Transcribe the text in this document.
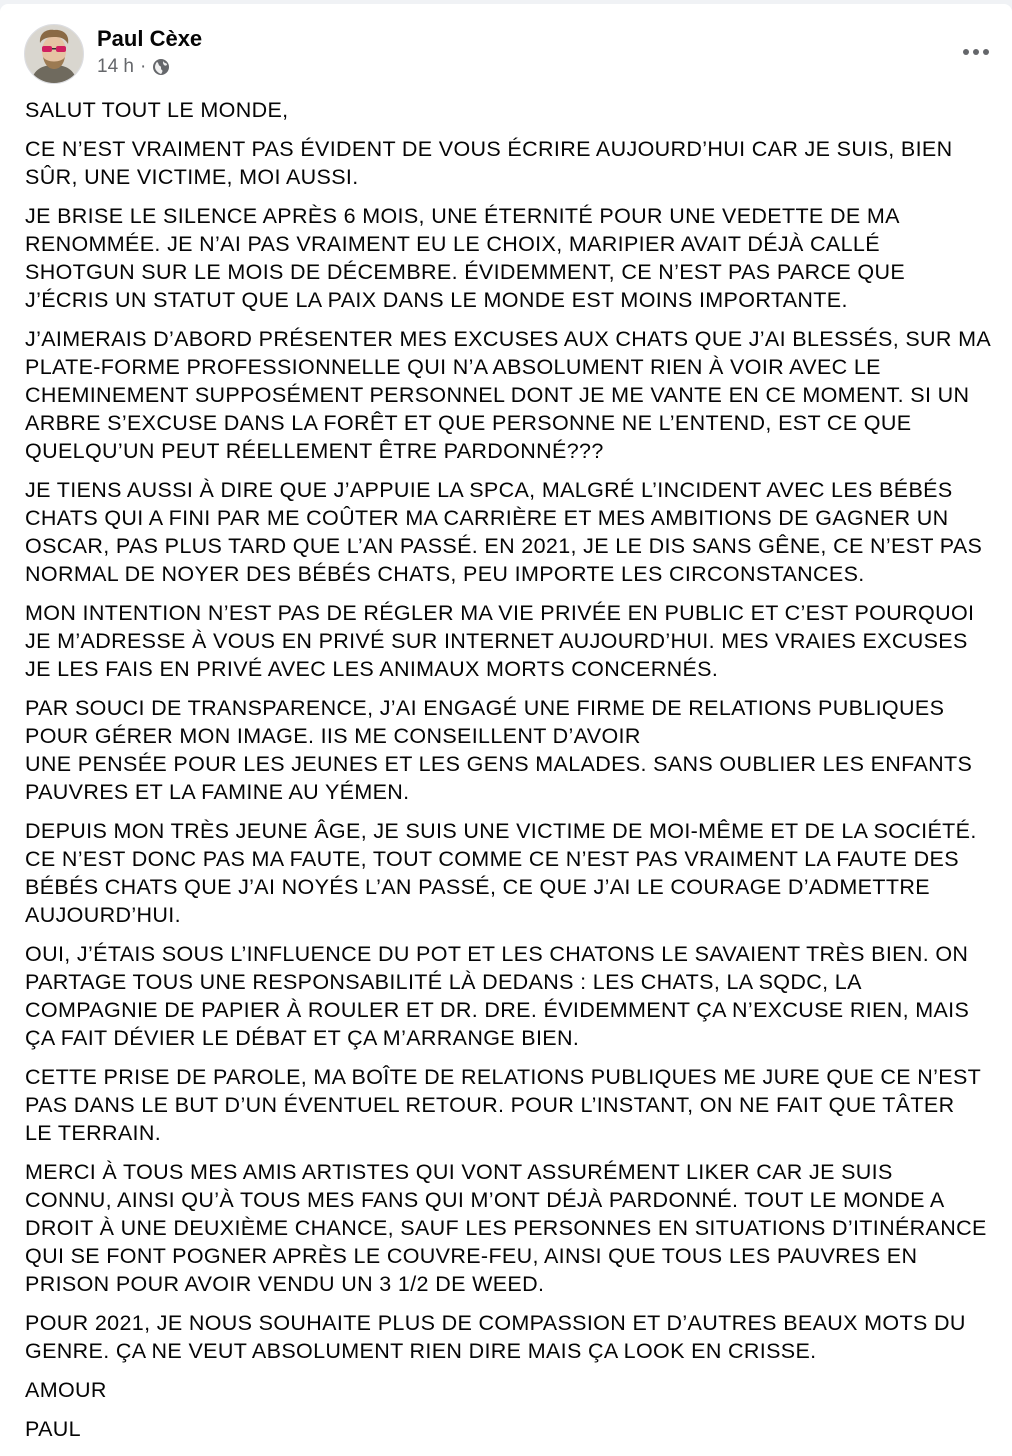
Paul Cèxe
14 h ·

SALUT TOUT LE MONDE,

CE N’EST VRAIMENT PAS ÉVIDENT DE VOUS ÉCRIRE AUJOURD’HUI CAR JE SUIS, BIEN
SÛR, UNE VICTIME, MOI AUSSI.

JE BRISE LE SILENCE APRÈS 6 MOIS, UNE ÉTERNITÉ POUR UNE VEDETTE DE MA
RENOMMÉE. JE N’AI PAS VRAIMENT EU LE CHOIX, MARIPIER AVAIT DÉJÀ CALLÉ
SHOTGUN SUR LE MOIS DE DÉCEMBRE. ÉVIDEMMENT, CE N’EST PAS PARCE QUE
J’ÉCRIS UN STATUT QUE LA PAIX DANS LE MONDE EST MOINS IMPORTANTE.

J’AIMERAIS D’ABORD PRÉSENTER MES EXCUSES AUX CHATS QUE J’AI BLESSÉS, SUR MA
PLATE-FORME PROFESSIONNELLE QUI N’A ABSOLUMENT RIEN À VOIR AVEC LE
CHEMINEMENT SUPPOSÉMENT PERSONNEL DONT JE ME VANTE EN CE MOMENT. SI UN
ARBRE S’EXCUSE DANS LA FORÊT ET QUE PERSONNE NE L’ENTEND, EST CE QUE
QUELQU’UN PEUT RÉELLEMENT ÊTRE PARDONNÉ???

JE TIENS AUSSI À DIRE QUE J’APPUIE LA SPCA, MALGRÉ L’INCIDENT AVEC LES BÉBÉS
CHATS QUI A FINI PAR ME COÛTER MA CARRIÈRE ET MES AMBITIONS DE GAGNER UN
OSCAR, PAS PLUS TARD QUE L’AN PASSÉ. EN 2021, JE LE DIS SANS GÊNE, CE N’EST PAS
NORMAL DE NOYER DES BÉBÉS CHATS, PEU IMPORTE LES CIRCONSTANCES.

MON INTENTION N’EST PAS DE RÉGLER MA VIE PRIVÉE EN PUBLIC ET C’EST POURQUOI
JE M’ADRESSE À VOUS EN PRIVÉ SUR INTERNET AUJOURD’HUI. MES VRAIES EXCUSES
JE LES FAIS EN PRIVÉ AVEC LES ANIMAUX MORTS CONCERNÉS.

PAR SOUCI DE TRANSPARENCE, J’AI ENGAGÉ UNE FIRME DE RELATIONS PUBLIQUES
POUR GÉRER MON IMAGE. IIS ME CONSEILLENT D’AVOIR
UNE PENSÉE POUR LES JEUNES ET LES GENS MALADES. SANS OUBLIER LES ENFANTS
PAUVRES ET LA FAMINE AU YÉMEN.

DEPUIS MON TRÈS JEUNE ÂGE, JE SUIS UNE VICTIME DE MOI-MÊME ET DE LA SOCIÉTÉ.
CE N’EST DONC PAS MA FAUTE, TOUT COMME CE N’EST PAS VRAIMENT LA FAUTE DES
BÉBÉS CHATS QUE J’AI NOYÉS L’AN PASSÉ, CE QUE J’AI LE COURAGE D’ADMETTRE
AUJOURD’HUI.

OUI, J’ÉTAIS SOUS L’INFLUENCE DU POT ET LES CHATONS LE SAVAIENT TRÈS BIEN. ON
PARTAGE TOUS UNE RESPONSABILITÉ LÀ DEDANS : LES CHATS, LA SQDC, LA
COMPAGNIE DE PAPIER À ROULER ET DR. DRE. ÉVIDEMMENT ÇA N’EXCUSE RIEN, MAIS
ÇA FAIT DÉVIER LE DÉBAT ET ÇA M’ARRANGE BIEN.

CETTE PRISE DE PAROLE, MA BOÎTE DE RELATIONS PUBLIQUES ME JURE QUE CE N’EST
PAS DANS LE BUT D’UN ÉVENTUEL RETOUR. POUR L’INSTANT, ON NE FAIT QUE TÂTER
LE TERRAIN.

MERCI À TOUS MES AMIS ARTISTES QUI VONT ASSURÉMENT LIKER CAR JE SUIS
CONNU, AINSI QU’À TOUS MES FANS QUI M’ONT DÉJÀ PARDONNÉ. TOUT LE MONDE A
DROIT À UNE DEUXIÈME CHANCE, SAUF LES PERSONNES EN SITUATIONS D’ITINÉRANCE
QUI SE FONT POGNER APRÈS LE COUVRE-FEU, AINSI QUE TOUS LES PAUVRES EN
PRISON POUR AVOIR VENDU UN 3 1/2 DE WEED.

POUR 2021, JE NOUS SOUHAITE PLUS DE COMPASSION ET D’AUTRES BEAUX MOTS DU
GENRE. ÇA NE VEUT ABSOLUMENT RIEN DIRE MAIS ÇA LOOK EN CRISSE.

AMOUR

PAUL
